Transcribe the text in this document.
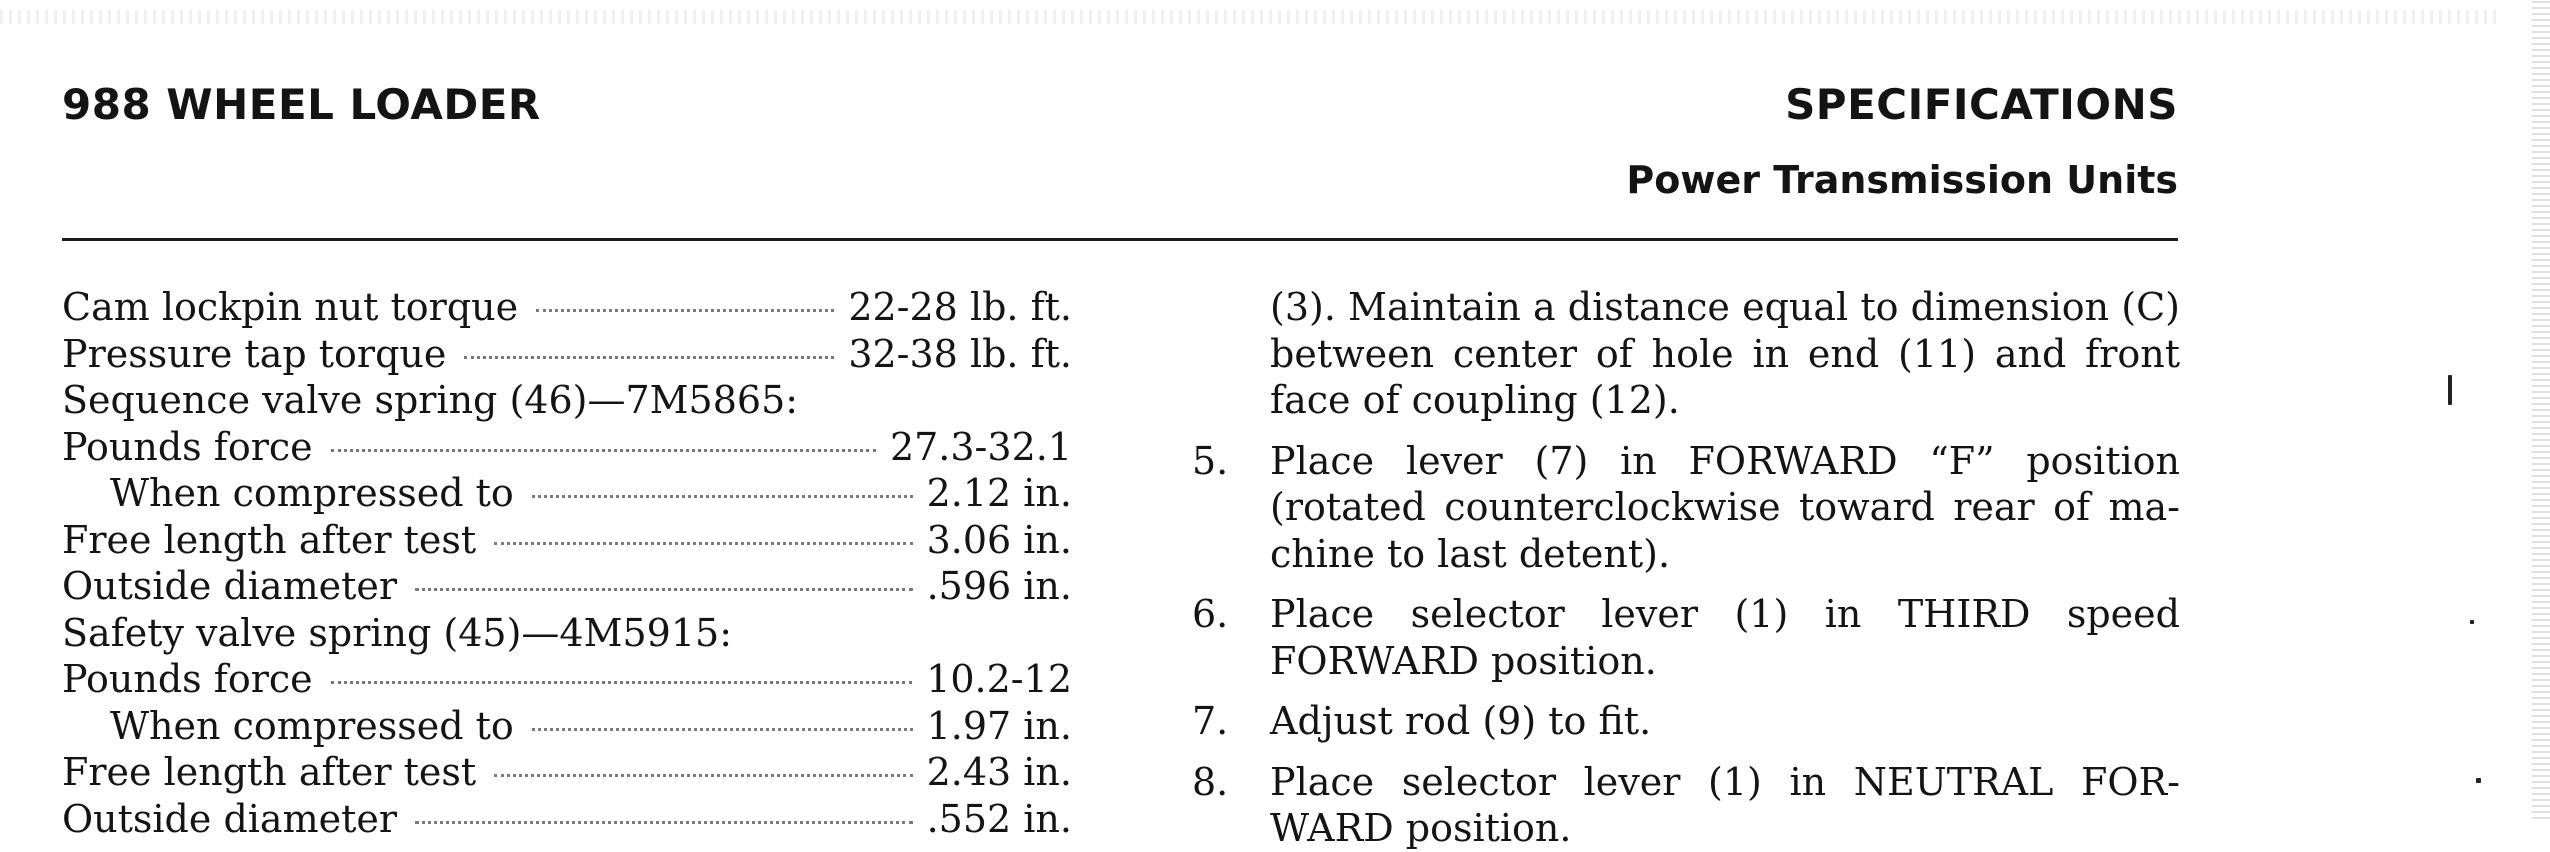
988 WHEEL LOADER	SPECIFICATIONS
Power Transmission Units
Cam lockpin nut torque	22-28 lb. ft.
Pressure tap torque	32-38 lb. ft.
Sequence valve spring (46)—7M5865:
Pounds force	27.3-32.1
When compressed to	2.12 in.
Free length after test	3.06 in.
Outside diameter	.596 in.
Safety valve spring (45)—4M5915:
Pounds force	10.2-12
When compressed to	1.97 in.
Free length after test	2.43 in.
Outside diameter	.552 in.
(3). Maintain a distance equal to dimension (C) between center of hole in end (11) and front face of coupling (12).
5.	Place lever (7) in FORWARD “F” position (rotated counterclockwise toward rear of ma-chine to last detent).
6.	Place selector lever (1) in THIRD speed FORWARD position.
7.	Adjust rod (9) to fit.
8.	Place selector lever (1) in NEUTRAL FOR-WARD position.
